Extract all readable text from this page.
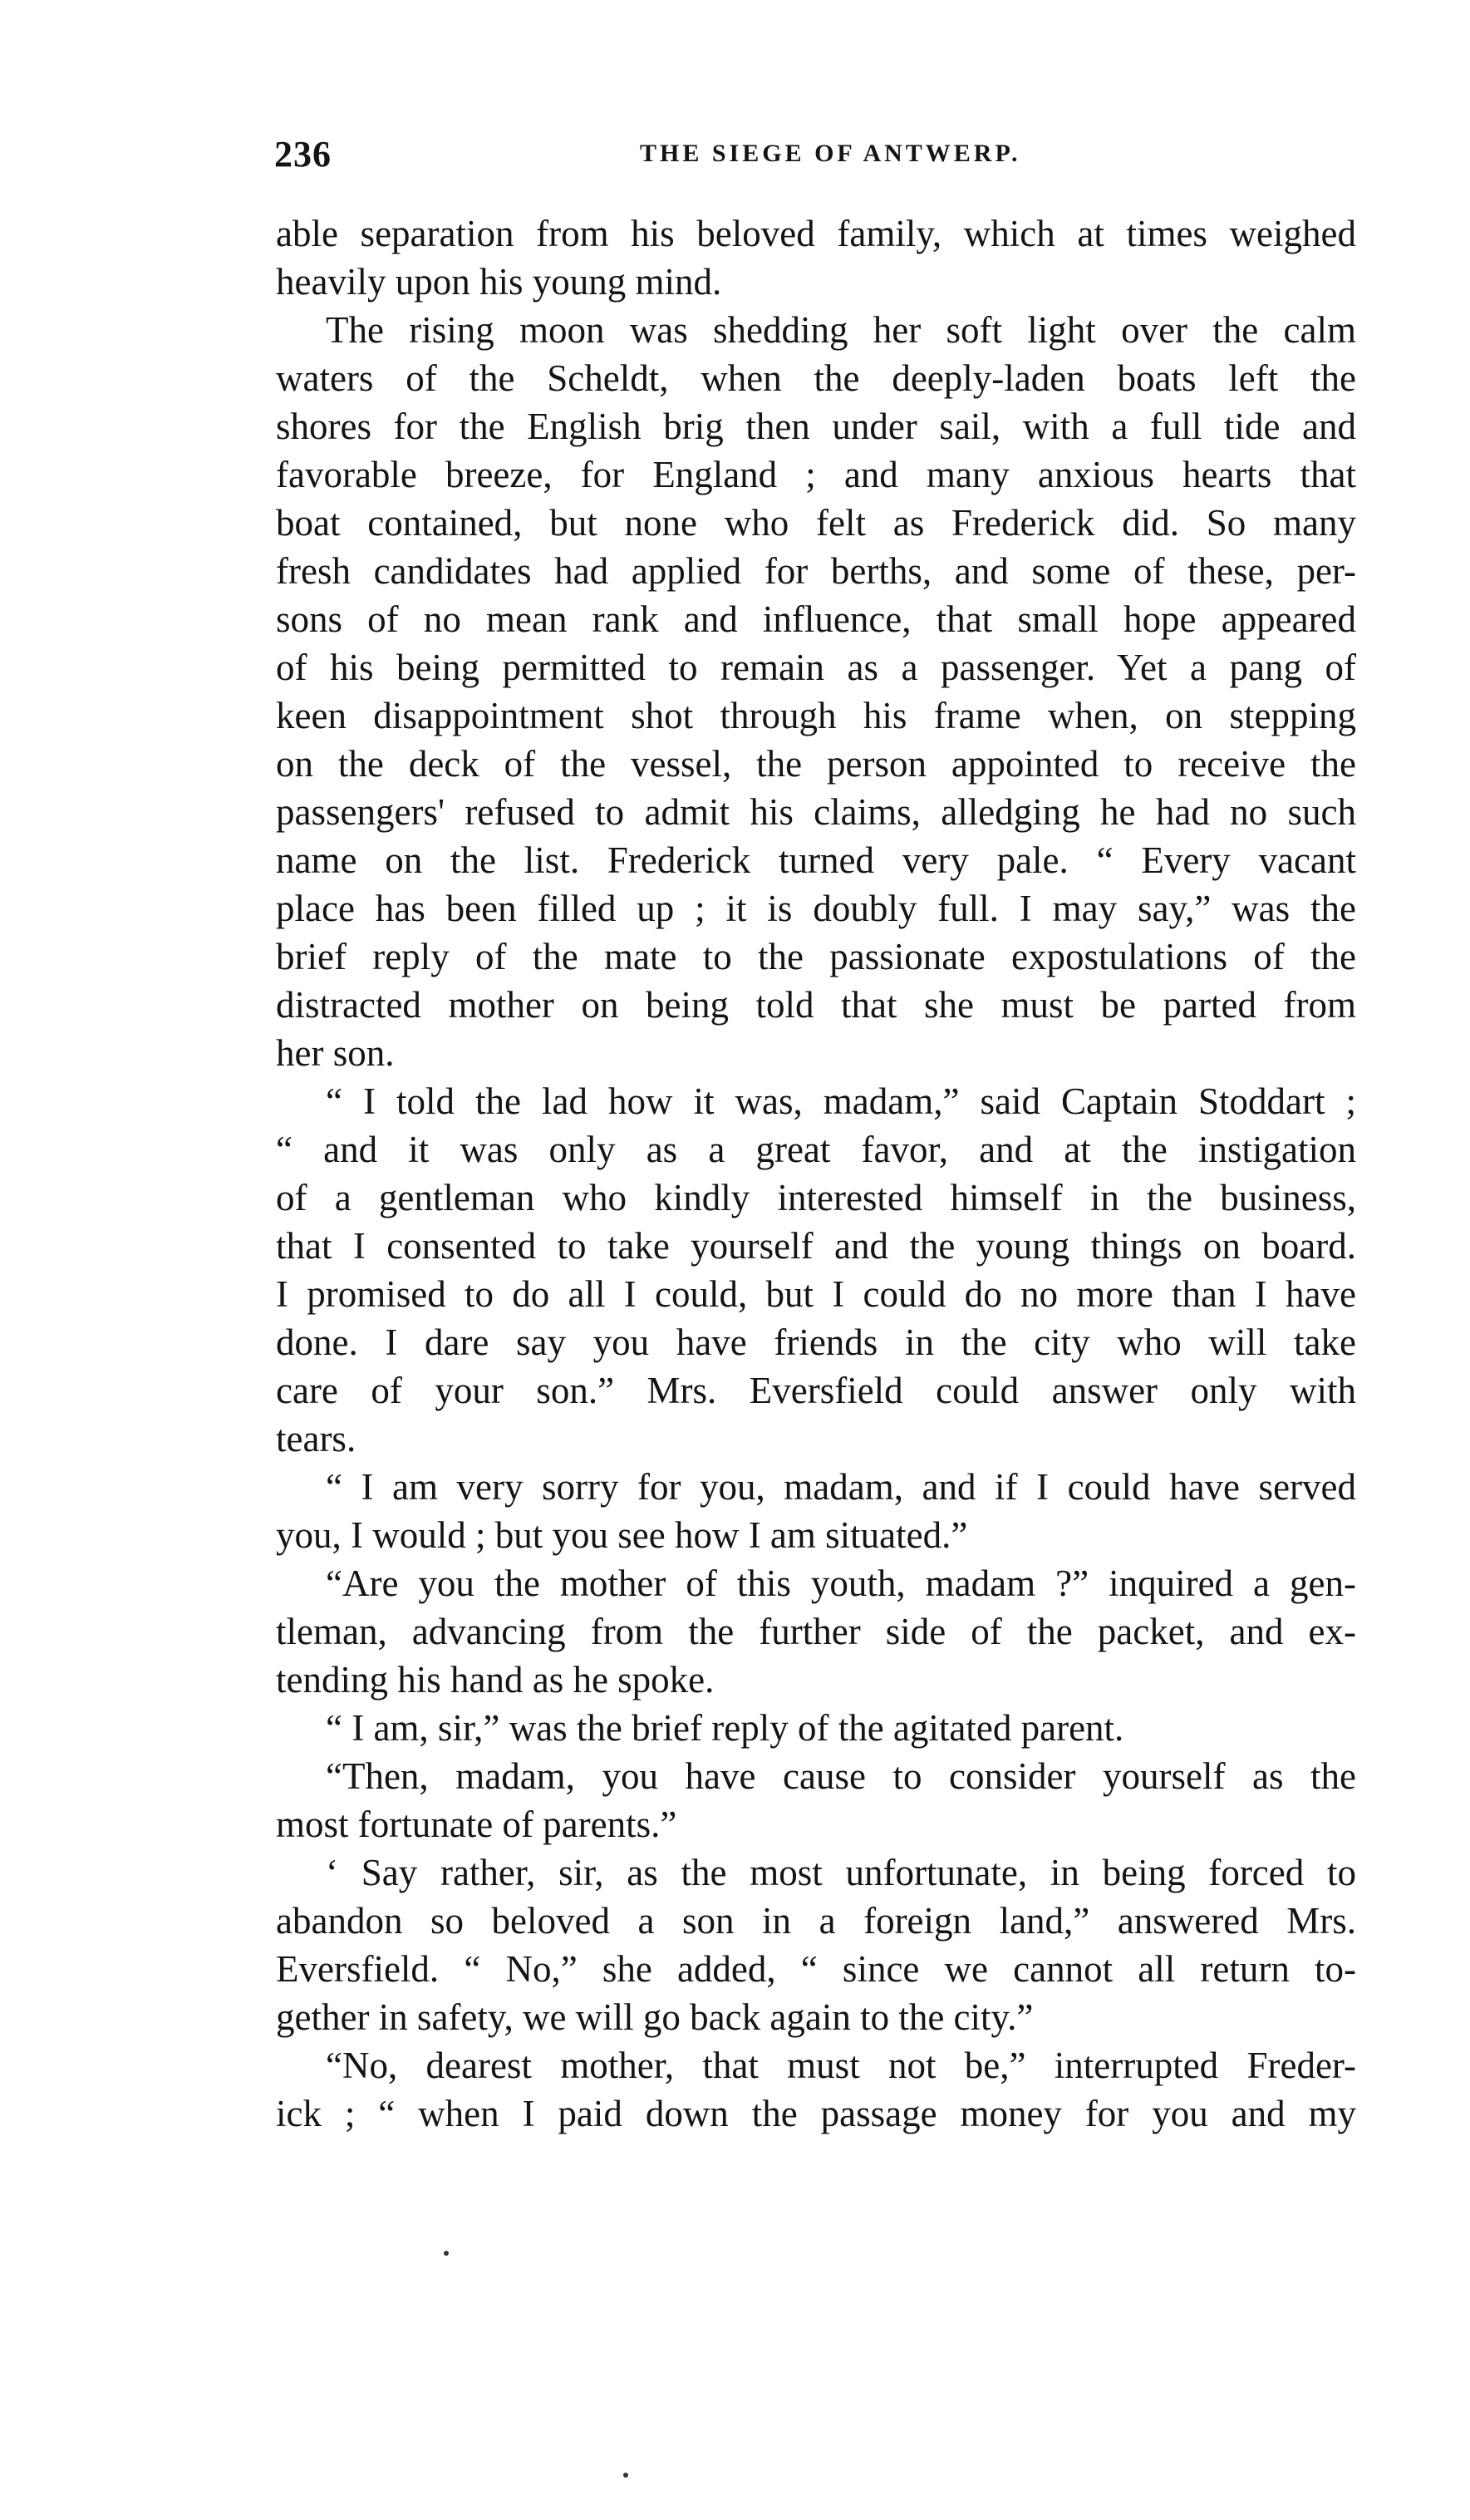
236	THE SIEGE OF ANTWERP.
able separation from his beloved family, which at times weighed
heavily upon his young mind.
The rising moon was shedding her soft light over the calm
waters of the Scheldt, when the deeply-laden boats left the
shores for the English brig then under sail, with a full tide and
favorable breeze, for England ; and many anxious hearts that
boat contained, but none who felt as Frederick did. So many
fresh candidates had applied for berths, and some of these, per-
sons of no mean rank and influence, that small hope appeared
of his being permitted to remain as a passenger. Yet a pang of
keen disappointment shot through his frame when, on stepping
on the deck of the vessel, the person appointed to receive the
passengers' refused to admit his claims, alledging he had no such
name on the list. Frederick turned very pale. “ Every vacant
place has been filled up ; it is doubly full. I may say,” was the
brief reply of the mate to the passionate expostulations of the
distracted mother on being told that she must be parted from
her son.
“ I told the lad how it was, madam,” said Captain Stoddart ;
“ and it was only as a great favor, and at the instigation
of a gentleman who kindly interested himself in the business,
that I consented to take yourself and the young things on board.
I promised to do all I could, but I could do no more than I have
done. I dare say you have friends in the city who will take
care of your son.” Mrs. Eversfield could answer only with
tears.
“ I am very sorry for you, madam, and if I could have served
you, I would ; but you see how I am situated.”
“Are you the mother of this youth, madam ?” inquired a gen-
tleman, advancing from the further side of the packet, and ex-
tending his hand as he spoke.
“ I am, sir,” was the brief reply of the agitated parent.
“Then, madam, you have cause to consider yourself as the
most fortunate of parents.”
‘ Say rather, sir, as the most unfortunate, in being forced to
abandon so beloved a son in a foreign land,” answered Mrs.
Eversfield. “ No,” she added, “ since we cannot all return to-
gether in safety, we will go back again to the city.”
“No, dearest mother, that must not be,” interrupted Freder-
ick ; “ when I paid down the passage money for you and my
